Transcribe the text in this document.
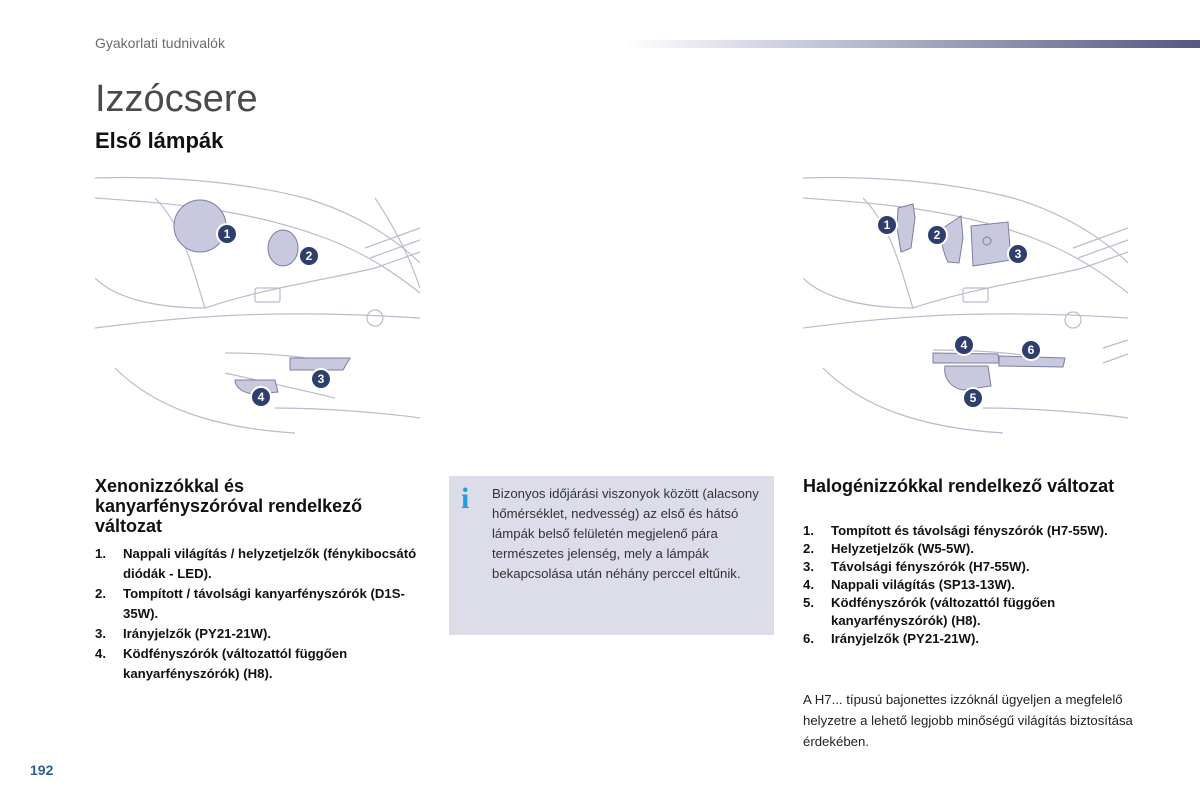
Gyakorlati tudnivalók
Izzócsere
Első lámpák
1
2
3
4
1
2
3
4
5
6
Xenonizzókkal és kanyarfényszóróval rendelkező változat
1.	Nappali világítás / helyzetjelzők (fénykibocsátó diódák - LED).
2.	Tompított / távolsági kanyarfényszórók (D1S-35W).
3.	Irányjelzők (PY21-21W).
4.	Ködfényszórók (változattól függően kanyarfényszórók) (H8).
i Bizonyos időjárási viszonyok között (alacsony hőmérséklet, nedvesség) az első és hátsó lámpák belső felületén megjelenő pára természetes jelenség, mely a lámpák bekapcsolása után néhány perccel eltűnik.
Halogénizzókkal rendelkező változat
1.	Tompított és távolsági fényszórók (H7-55W).
2.	Helyzetjelzők (W5-5W).
3.	Távolsági fényszórók (H7-55W).
4.	Nappali világítás (SP13-13W).
5.	Ködfényszórók (változattól függően kanyarfényszórók) (H8).
6.	Irányjelzők (PY21-21W).

A H7... típusú bajonettes izzóknál ügyeljen a megfelelő helyzetre a lehető legjobb minőségű világítás biztosítása érdekében.

192
